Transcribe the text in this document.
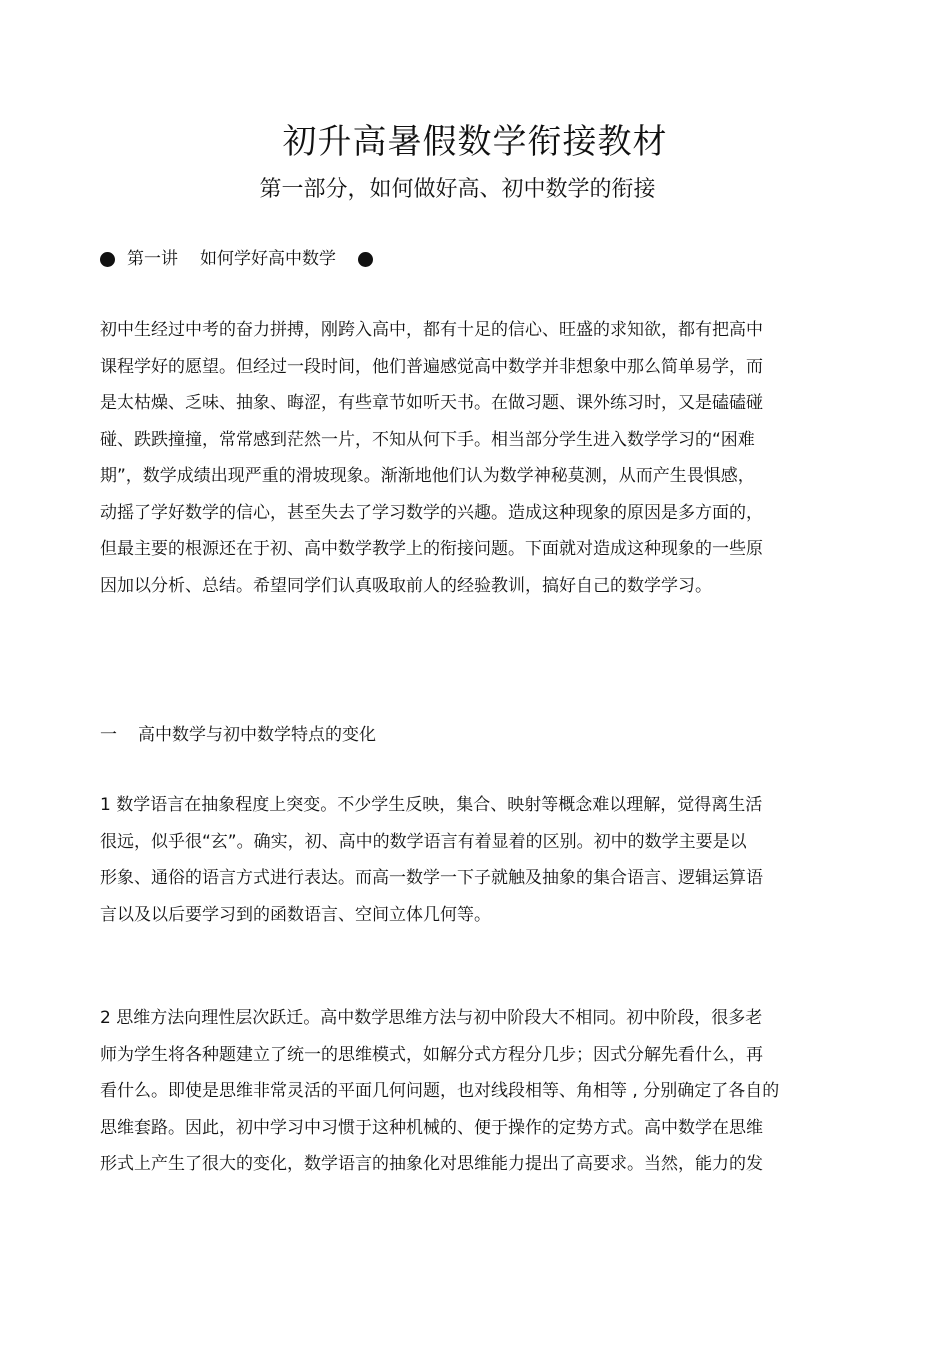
初升高暑假数学衔接教材
第一部分，如何做好高、初中数学的衔接
第一讲 如何学好高中数学
初中生经过中考的奋力拼搏，刚跨入高中，都有十足的信心、旺盛的求知欲，都有把高中
课程学好的愿望。但经过一段时间，他们普遍感觉高中数学并非想象中那么简单易学，而
是太枯燥、乏味、抽象、晦涩，有些章节如听天书。在做习题、课外练习时，又是磕磕碰
碰、跌跌撞撞，常常感到茫然一片，不知从何下手。相当部分学生进入数学学习的“困难
期”，数学成绩出现严重的滑坡现象。渐渐地他们认为数学神秘莫测，从而产生畏惧感，
动摇了学好数学的信心，甚至失去了学习数学的兴趣。造成这种现象的原因是多方面的，
但最主要的根源还在于初、高中数学教学上的衔接问题。下面就对造成这种现象的一些原
因加以分析、总结。希望同学们认真吸取前人的经验教训，搞好自己的数学学习。
一 高中数学与初中数学特点的变化
1 数学语言在抽象程度上突变。不少学生反映，集合、映射等概念难以理解，觉得离生活
很远，似乎很“玄”。确实，初、高中的数学语言有着显着的区别。初中的数学主要是以
形象、通俗的语言方式进行表达。而高一数学一下子就触及抽象的集合语言、逻辑运算语
言以及以后要学习到的函数语言、空间立体几何等。
2 思维方法向理性层次跃迁。高中数学思维方法与初中阶段大不相同。初中阶段，很多老
师为学生将各种题建立了统一的思维模式，如解分式方程分几步；因式分解先看什么，再
看什么。即使是思维非常灵活的平面几何问题，也对线段相等、角相等 , 分别确定了各自的
思维套路。因此，初中学习中习惯于这种机械的、便于操作的定势方式。高中数学在思维
形式上产生了很大的变化，数学语言的抽象化对思维能力提出了高要求。当然，能力的发
